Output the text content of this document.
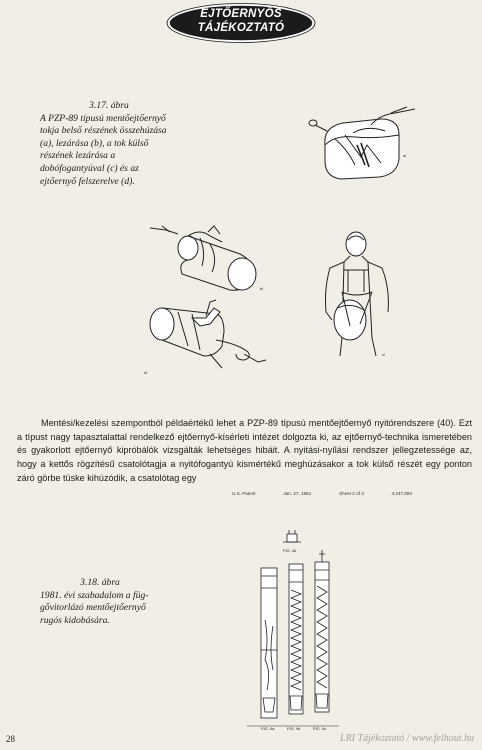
EJTŐERNYŐS
TÁJÉKOZTATÓ
3.17. ábra
A PZP-89 típusú mentőejtőernyő tokja belső részének összehúzása (a), lezárása (b), a tok külső részének lezárása a dobófogantyúval (c) és az ejtőernyő felszerelve (d).
a/
b/
c/
d/
Mentési/kezelési szempontból példaértékű lehet a PZP-89 típusú mentőejtőernyő nyitórendszere (40). Ezt a típust nagy tapasztalattal rendelkező ejtőernyő-kísérleti intézet dolgozta ki, az ejtőernyő-technika ismeretében és gyakorlott ejtőernyő kipróbálók vizsgálták lehetséges hibáit. A nyitási-nyílási rendszer jellegzetessége az, hogy a kettős rögzítésű csatolótagja a nyitófogantyú kismértékű meghúzásakor a tok külső részét egy ponton záró görbe tüske kihúzódik, a csatolótag egy
U.S. Patent	Jan. 27, 1981	Sheet 2 of 3	4,247,060
3.18. ábra
1981. évi szabadalom a füg-
gővitorlázó mentőejtőernyő
rugós kidobására.
FIG. 4d
FIG. 4a	FIG. 4b	FIG. 4c
28	LRI Tájékoztató / www.felhout.hu
